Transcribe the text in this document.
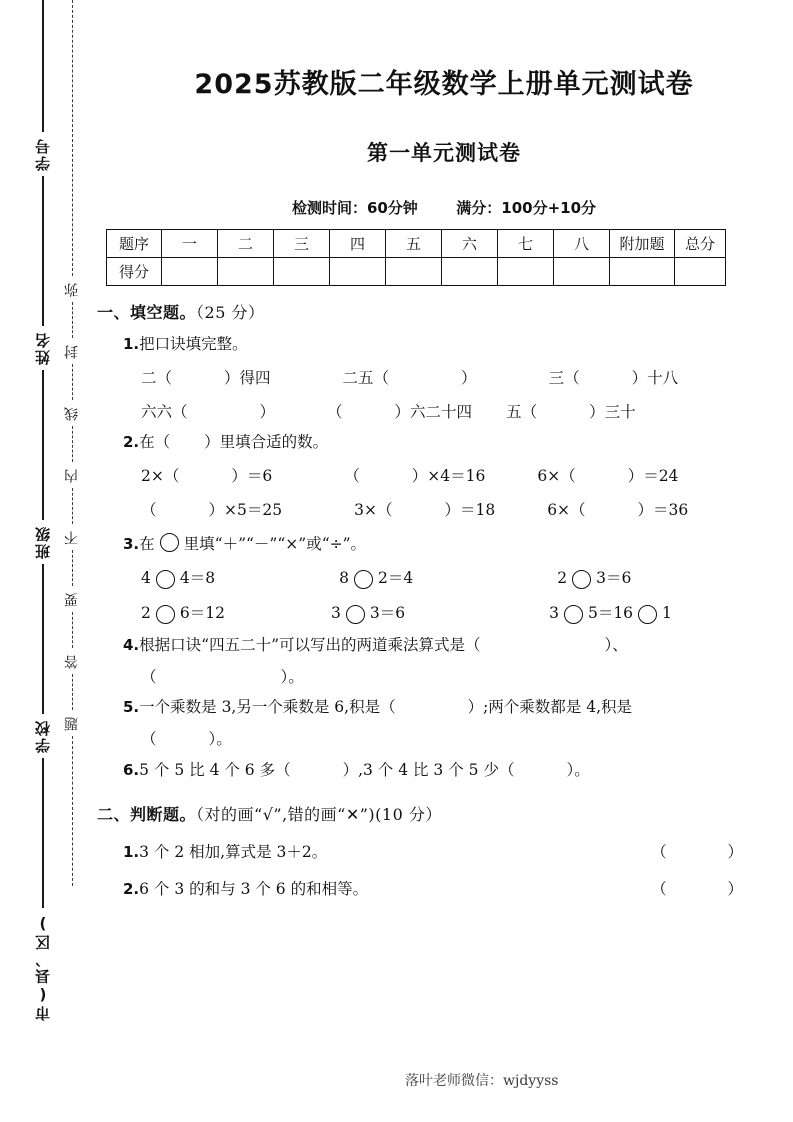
学号
姓名
班级
学校
市(县、区)
弥
封
线
内
不
要
答
题
2025苏教版二年级数学上册单元测试卷
第一单元测试卷
检测时间：60分钟	满分：100分+10分
题序	一	二	三	四	五	六	七	八	附加题	总分
得分										
一、填空题。（25 分）
1.把口诀填完整。
二（	）得四	二五（	）	三（	）十八
六六（	）	（	）六二十四 五（	）三十
2.在（ ）里填合适的数。
2×（	）＝6	（	）×4＝16	6×（	）＝24
（	）×5＝25	3×（	）＝18	6×（	）＝36
3.在 里填“＋”“－”“×”或“÷”。
4 4＝8	8 2＝4	2 3＝6
2 6＝12	3 3＝6	3 5＝16 1
4.根据口诀“四五二十”可以写出的两道乘法算式是（	）、
（	）。
5.一个乘数是 3,另一个乘数是 6,积是（	）;两个乘数都是 4,积是
（	）。
6.5 个 5 比 4 个 6 多（	）,3 个 4 比 3 个 5 少（	）。
二、判断题。（对的画“√”,错的画“✕”)(10 分）
1.3 个 2 相加,算式是 3＋2。	（ ）
2.6 个 3 的和与 3 个 6 的和相等。	（ ）
落叶老师微信：wjdyyss
